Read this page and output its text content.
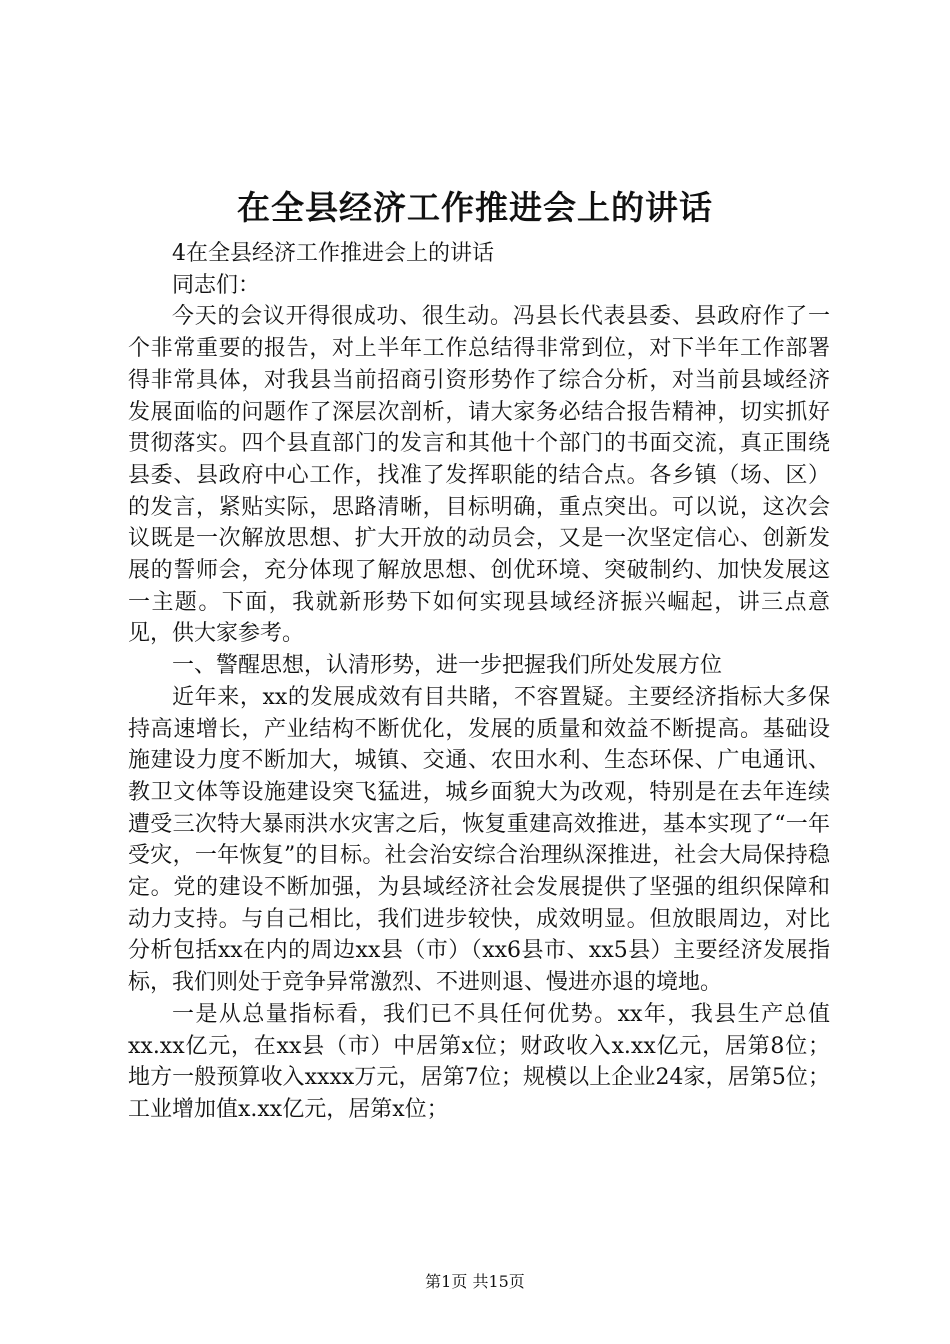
在全县经济工作推进会上的讲话

4在全县经济工作推进会上的讲话

同志们：

今天的会议开得很成功、很生动。冯县长代表县委、县政府作了一个非常重要的报告，对上半年工作总结得非常到位，对下半年工作部署得非常具体，对我县当前招商引资形势作了综合分析，对当前县域经济发展面临的问题作了深层次剖析，请大家务必结合报告精神，切实抓好贯彻落实。四个县直部门的发言和其他十个部门的书面交流，真正围绕县委、县政府中心工作，找准了发挥职能的结合点。各乡镇（场、区）的发言，紧贴实际，思路清晰，目标明确，重点突出。可以说，这次会议既是一次解放思想、扩大开放的动员会，又是一次坚定信心、创新发展的誓师会，充分体现了解放思想、创优环境、突破制约、加快发展这一主题。下面，我就新形势下如何实现县域经济振兴崛起，讲三点意见，供大家参考。

一、警醒思想，认清形势，进一步把握我们所处发展方位

近年来，xx的发展成效有目共睹，不容置疑。主要经济指标大多保持高速增长，产业结构不断优化，发展的质量和效益不断提高。基础设施建设力度不断加大，城镇、交通、农田水利、生态环保、广电通讯、教卫文体等设施建设突飞猛进，城乡面貌大为改观，特别是在去年连续遭受三次特大暴雨洪水灾害之后，恢复重建高效推进，基本实现了“一年受灾，一年恢复”的目标。社会治安综合治理纵深推进，社会大局保持稳定。党的建设不断加强，为县域经济社会发展提供了坚强的组织保障和动力支持。与自己相比，我们进步较快，成效明显。但放眼周边，对比分析包括xx在内的周边xx县（市）（xx6县市、xx5县）主要经济发展指标，我们则处于竞争异常激烈、不进则退、慢进亦退的境地。

一是从总量指标看，我们已不具任何优势。xx年，我县生产总值xx.xx亿元，在xx县（市）中居第x位；财政收入x.xx亿元，居第8位；地方一般预算收入xxxx万元，居第7位；规模以上企业24家，居第5位；工业增加值x.xx亿元，居第x位；

第1页 共15页
